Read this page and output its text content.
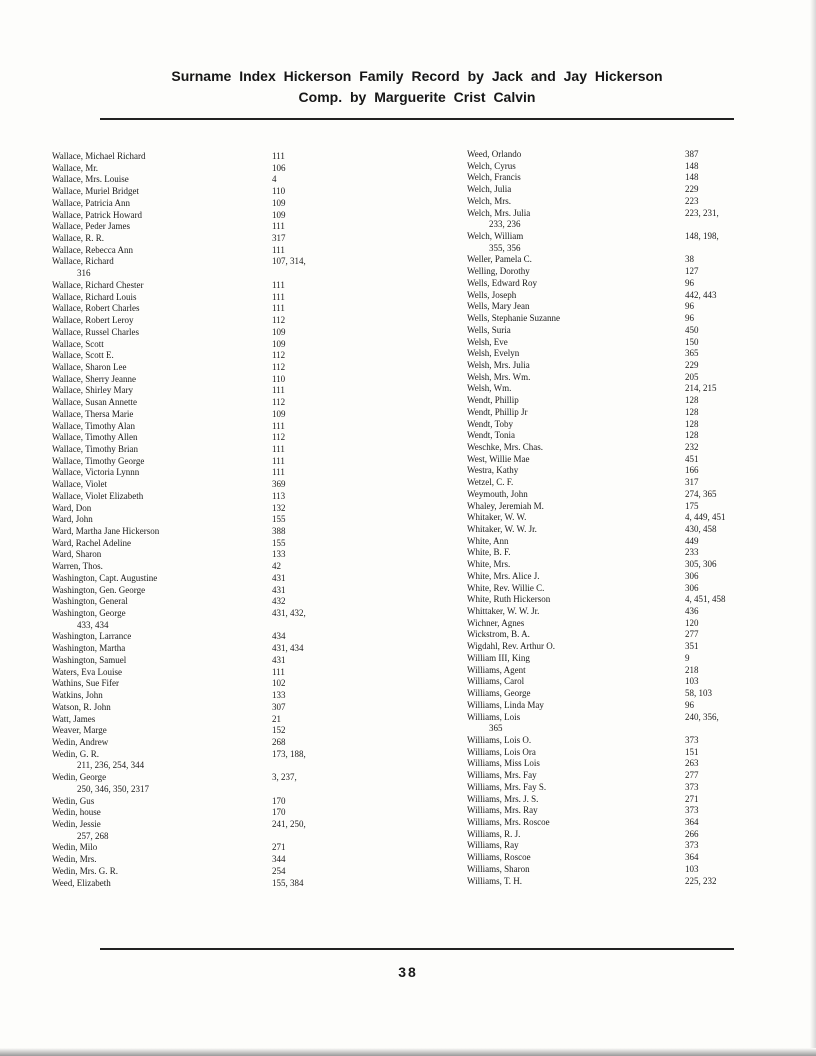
Surname Index Hickerson Family Record by Jack and Jay Hickerson
Comp. by Marguerite Crist Calvin
Wallace, Michael Richard	111
Wallace, Mr.	106
Wallace, Mrs. Louise	4
Wallace, Muriel Bridget	110
Wallace, Patricia Ann	109
Wallace, Patrick Howard	109
Wallace, Peder James	111
Wallace, R. R.	317
Wallace, Rebecca Ann	111
Wallace, Richard	107, 314,
316
Wallace, Richard Chester	111
Wallace, Richard Louis	111
Wallace, Robert Charles	111
Wallace, Robert Leroy	112
Wallace, Russel Charles	109
Wallace, Scott	109
Wallace, Scott E.	112
Wallace, Sharon Lee	112
Wallace, Sherry Jeanne	110
Wallace, Shirley Mary	111
Wallace, Susan Annette	112
Wallace, Thersa Marie	109
Wallace, Timothy Alan	111
Wallace, Timothy Allen	112
Wallace, Timothy Brian	111
Wallace, Timothy George	111
Wallace, Victoria Lynnn	111
Wallace, Violet	369
Wallace, Violet Elizabeth	113
Ward, Don	132
Ward, John	155
Ward, Martha Jane Hickerson	388
Ward, Rachel Adeline	155
Ward, Sharon	133
Warren, Thos.	42
Washington, Capt. Augustine	431
Washington, Gen. George	431
Washington, General	432
Washington, George	431, 432,
433, 434
Washington, Larrance	434
Washington, Martha	431, 434
Washington, Samuel	431
Waters, Eva Louise	111
Wathins, Sue Fifer	102
Watkins, John	133
Watson, R. John	307
Watt, James	21
Weaver, Marge	152
Wedin, Andrew	268
Wedin, G. R.	173, 188,
211, 236, 254, 344
Wedin, George	3, 237,
250, 346, 350, 2317
Wedin, Gus	170
Wedin, house	170
Wedin, Jessie	241, 250,
257, 268
Wedin, Milo	271
Wedin, Mrs.	344
Wedin, Mrs. G. R.	254
Weed, Elizabeth	155, 384
Weed, Orlando	387
Welch, Cyrus	148
Welch, Francis	148
Welch, Julia	229
Welch, Mrs.	223
Welch, Mrs. Julia	223, 231,
233, 236
Welch, William	148, 198,
355, 356
Weller, Pamela C.	38
Welling, Dorothy	127
Wells, Edward Roy	96
Wells, Joseph	442, 443
Wells, Mary Jean	96
Wells, Stephanie Suzanne	96
Wells, Suria	450
Welsh, Eve	150
Welsh, Evelyn	365
Welsh, Mrs. Julia	229
Welsh, Mrs. Wm.	205
Welsh, Wm.	214, 215
Wendt, Phillip	128
Wendt, Phillip Jr	128
Wendt, Toby	128
Wendt, Tonia	128
Weschke, Mrs. Chas.	232
West, Willie Mae	451
Westra, Kathy	166
Wetzel, C. F.	317
Weymouth, John	274, 365
Whaley, Jeremiah M.	175
Whitaker, W. W.	4, 449, 451
Whitaker, W. W. Jr.	430, 458
White, Ann	449
White, B. F.	233
White, Mrs.	305, 306
White, Mrs. Alice J.	306
White, Rev. Willie C.	306
White, Ruth Hickerson	4, 451, 458
Whittaker, W. W. Jr.	436
Wichner, Agnes	120
Wickstrom, B. A.	277
Wigdahl, Rev. Arthur O.	351
William III, King	9
Williams, Agent	218
Williams, Carol	103
Williams, George	58, 103
Williams, Linda May	96
Williams, Lois	240, 356,
365
Williams, Lois O.	373
Williams, Lois Ora	151
Williams, Miss Lois	263
Williams, Mrs. Fay	277
Williams, Mrs. Fay S.	373
Williams, Mrs. J. S.	271
Williams, Mrs. Ray	373
Williams, Mrs. Roscoe	364
Williams, R. J.	266
Williams, Ray	373
Williams, Roscoe	364
Williams, Sharon	103
Williams, T. H.	225, 232
38
